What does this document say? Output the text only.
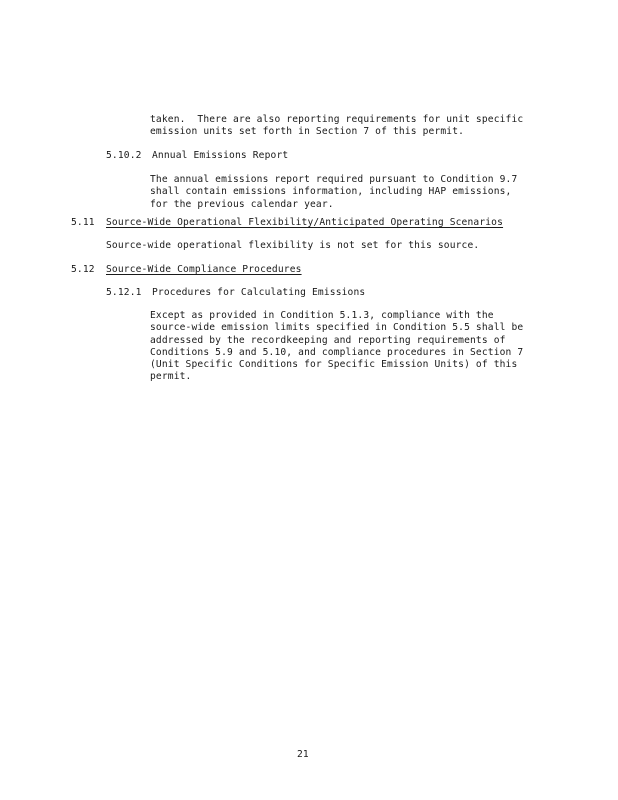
taken.  There are also reporting requirements for unit specific
emission units set forth in Section 7 of this permit.
5.10.2 Annual Emissions Report
The annual emissions report required pursuant to Condition 9.7
shall contain emissions information, including HAP emissions,
for the previous calendar year.
5.11 Source-Wide Operational Flexibility/Anticipated Operating Scenarios
Source-wide operational flexibility is not set for this source.
5.12 Source-Wide Compliance Procedures
5.12.1 Procedures for Calculating Emissions
Except as provided in Condition 5.1.3, compliance with the
source-wide emission limits specified in Condition 5.5 shall be
addressed by the recordkeeping and reporting requirements of
Conditions 5.9 and 5.10, and compliance procedures in Section 7
(Unit Specific Conditions for Specific Emission Units) of this
permit.
21
